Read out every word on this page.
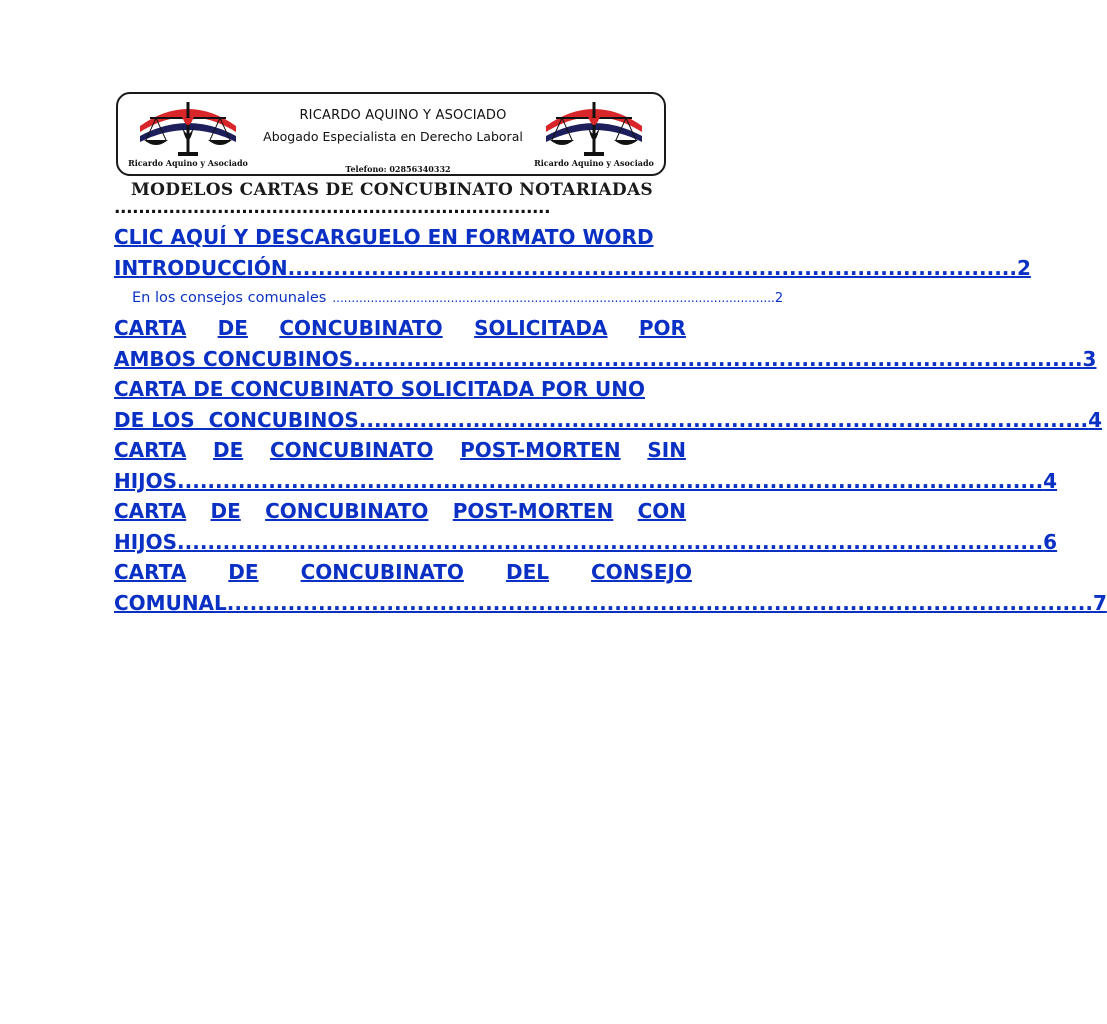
Ricardo Aquino y Asociado
RICARDO AQUINO Y ASOCIADO
Abogado Especialista en Derecho Laboral
Telefono: 02856340332
Ricardo Aquino y Asociado
MODELOS CARTAS DE CONCUBINATO NOTARIADAS
........................................................................
CLIC AQUÍ Y DESCARGUELO EN FORMATO WORD
INTRODUCCIÓN ................................................................................................ 2
En los consejos comunales .................................................................................................................... 2
CARTA DE CONCUBINATO SOLICITADA POR
AMBOS CONCUBINOS ................................................................................................ 3
CARTA DE CONCUBINATO SOLICITADA POR UNO
DE LOS  CONCUBINOS ................................................................................................ 4
CARTA DE CONCUBINATO POST-MORTEN SIN
HIJOS .................................................................................................................. 4
CARTA DE CONCUBINATO POST-MORTEN CON
HIJOS .................................................................................................................. 6
CARTA DE CONCUBINATO DEL CONSEJO
COMUNAL .................................................................................................................. 7
